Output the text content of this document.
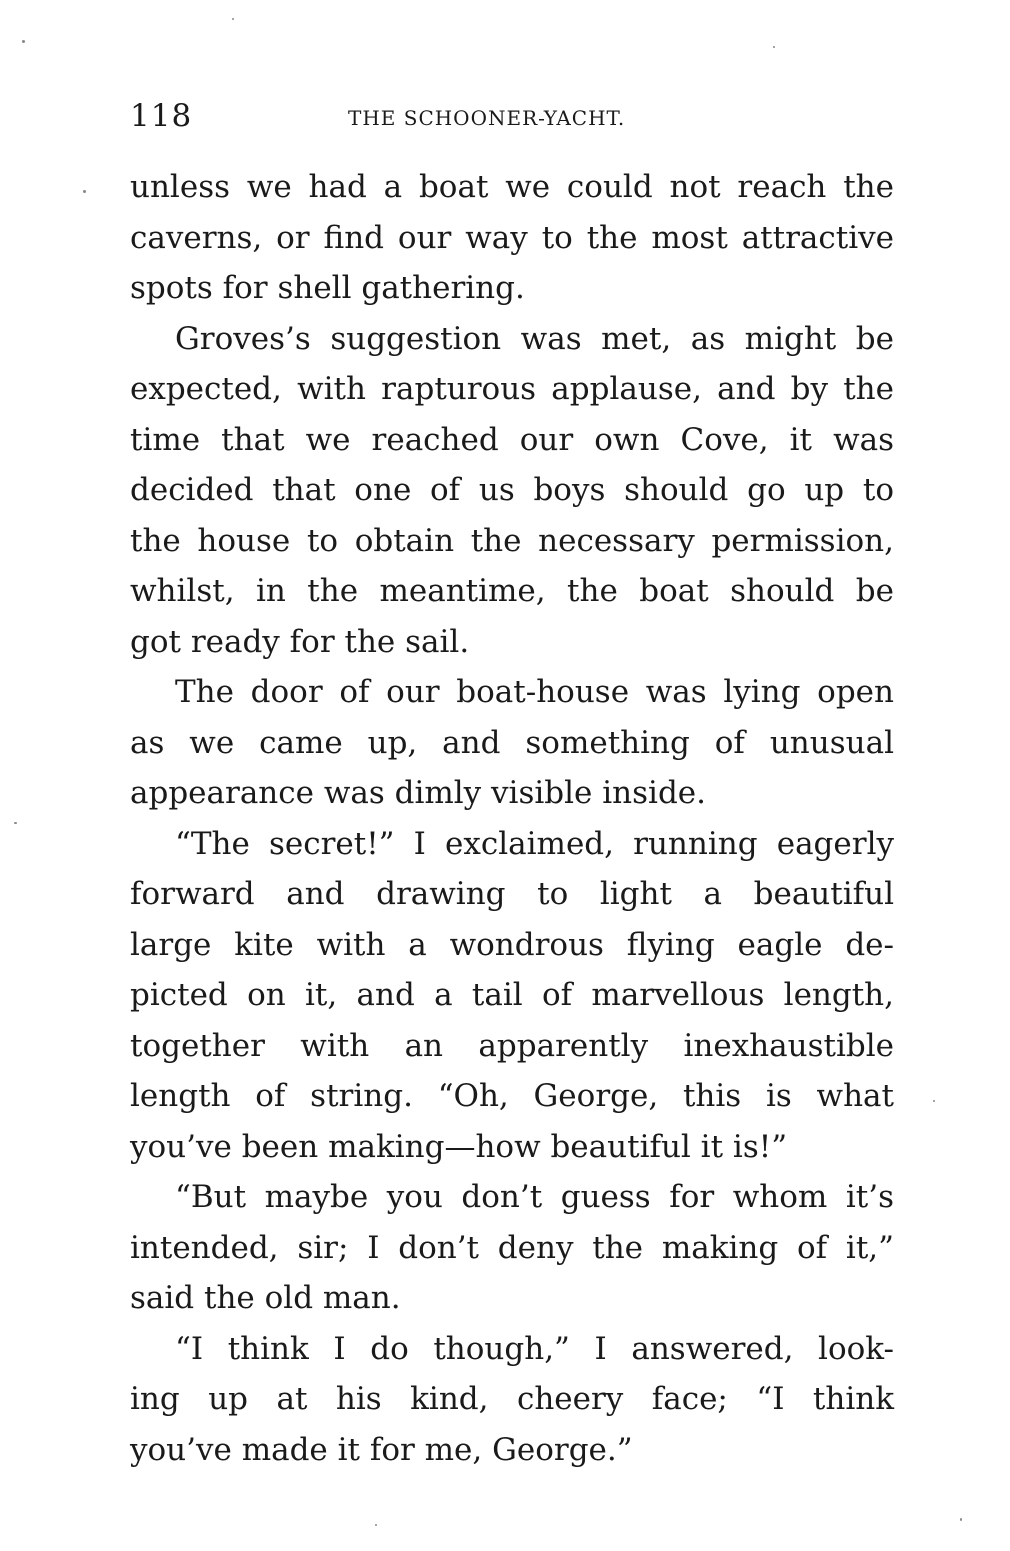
118	THE SCHOONER-YACHT.
unless we had a boat we could not reach the
caverns, or find our way to the most attractive
spots for shell gathering.
Groves’s suggestion was met, as might be
expected, with rapturous applause, and by the
time that we reached our own Cove, it was
decided that one of us boys should go up to
the house to obtain the necessary permission,
whilst, in the meantime, the boat should be
got ready for the sail.
The door of our boat-house was lying open
as we came up, and something of unusual
appearance was dimly visible inside.
“The secret!” I exclaimed, running eagerly
forward and drawing to light a beautiful
large kite with a wondrous flying eagle de-
picted on it, and a tail of marvellous length,
together with an apparently inexhaustible
length of string. “Oh, George, this is what
you’ve been making—how beautiful it is!”
“But maybe you don’t guess for whom it’s
intended, sir; I don’t deny the making of it,”
said the old man.
“I think I do though,” I answered, look-
ing up at his kind, cheery face; “I think
you’ve made it for me, George.”
